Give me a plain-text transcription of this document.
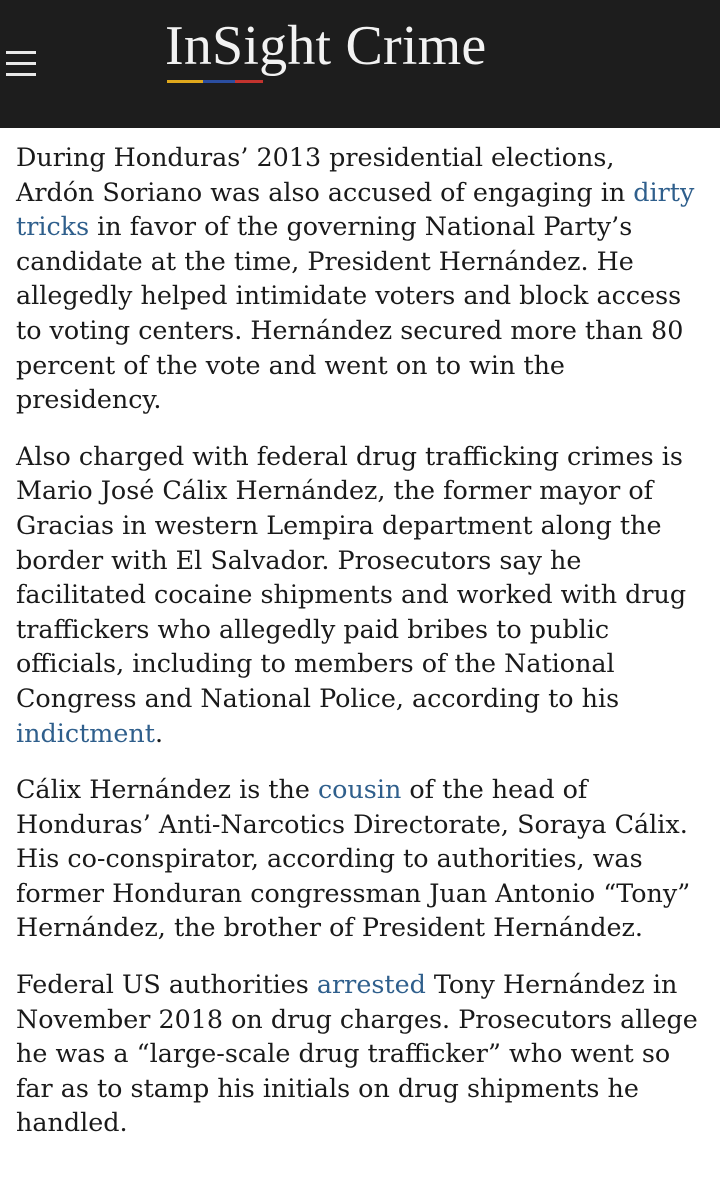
InSight Crime

During Honduras’ 2013 presidential elections, Ardón Soriano was also accused of engaging in dirty tricks in favor of the governing National Party’s candidate at the time, President Hernández. He allegedly helped intimidate voters and block access to voting centers. Hernández secured more than 80 percent of the vote and went on to win the presidency.

Also charged with federal drug trafficking crimes is Mario José Cálix Hernández, the former mayor of Gracias in western Lempira department along the border with El Salvador. Prosecutors say he facilitated cocaine shipments and worked with drug traffickers who allegedly paid bribes to public officials, including to members of the National Congress and National Police, according to his indictment.

Cálix Hernández is the cousin of the head of Honduras’ Anti-Narcotics Directorate, Soraya Cálix. His co-conspirator, according to authorities, was former Honduran congressman Juan Antonio “Tony” Hernández, the brother of President Hernández.

Federal US authorities arrested Tony Hernández in November 2018 on drug charges. Prosecutors allege he was a “large-scale drug trafficker” who went so far as to stamp his initials on drug shipments he handled.
